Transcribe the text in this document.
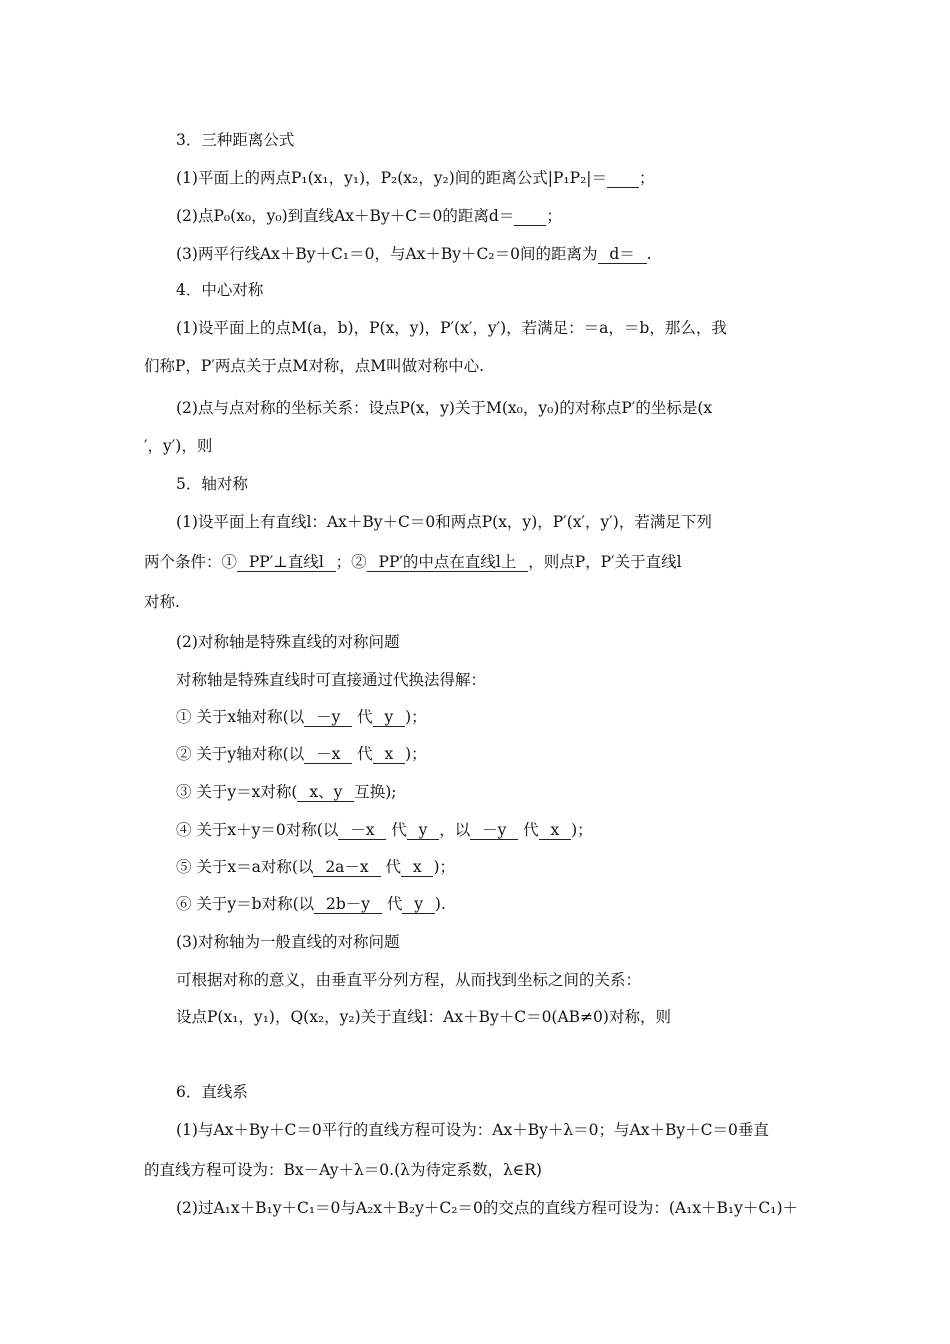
3．三种距离公式
(1)平面上的两点P₁(x₁，y₁)，P₂(x₂，y₂)间的距离公式|P₁P₂|＝ ；
(2)点P₀(x₀，y₀)到直线Ax＋By＋C＝0的距离d＝ ；
(3)两平行线Ax＋By＋C₁＝0，与Ax＋By＋C₂＝0间的距离为  d＝  .
4．中心对称
(1)设平面上的点M(a，b)，P(x，y)，P′(x′，y′)，若满足：＝a，＝b，那么，我
们称P，P′两点关于点M对称，点M叫做对称中心.
(2)点与点对称的坐标关系：设点P(x，y)关于M(x₀，y₀)的对称点P′的坐标是(x
′，y′)，则
5．轴对称
(1)设平面上有直线l：Ax＋By＋C＝0和两点P(x，y)，P′(x′，y′)，若满足下列
两个条件：①  PP′⊥直线l  ；②  PP′的中点在直线l上  ，则点P，P′关于直线l
对称.
(2)对称轴是特殊直线的对称问题
对称轴是特殊直线时可直接通过代换法得解：
① 关于x轴对称(以  －y   代  y  )；
② 关于y轴对称(以  －x   代  x  )；
③ 关于y＝x对称(  x、y  互换);
④ 关于x＋y＝0对称(以  －x   代  y  ，以  －y   代  x  )；
⑤ 关于x＝a对称(以  2a－x   代  x  )；
⑥ 关于y＝b对称(以  2b－y   代  y  ).
(3)对称轴为一般直线的对称问题
可根据对称的意义，由垂直平分列方程，从而找到坐标之间的关系：
设点P(x₁，y₁)，Q(x₂，y₂)关于直线l：Ax＋By＋C＝0(AB≠0)对称，则
6．直线系
(1)与Ax＋By＋C＝0平行的直线方程可设为：Ax＋By＋λ＝0；与Ax＋By＋C＝0垂直
的直线方程可设为：Bx－Ay＋λ＝0.(λ为待定系数，λ∈R)
(2)过A₁x＋B₁y＋C₁＝0与A₂x＋B₂y＋C₂＝0的交点的直线方程可设为：(A₁x＋B₁y＋C₁)＋
